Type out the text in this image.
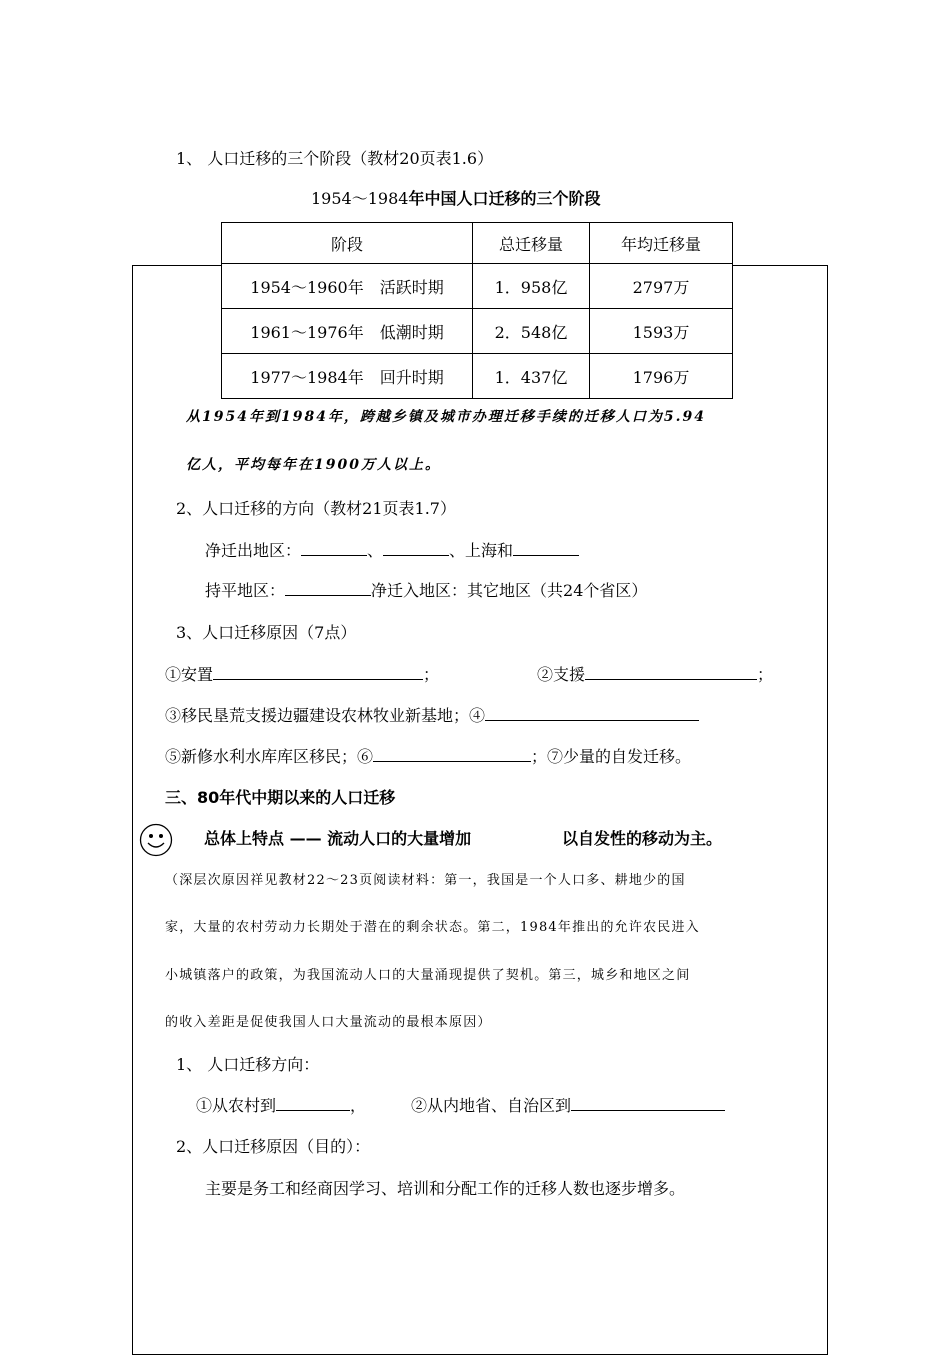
1、 人口迁移的三个阶段（教材20页表1.6）
1954～1984年中国人口迁移的三个阶段
阶段	总迁移量	年均迁移量
1954～1960年　活跃时期	1．958亿	2797万
1961～1976年　低潮时期	2．548亿	1593万
1977～1984年　回升时期	1．437亿	1796万
从1954年到1984年，跨越乡镇及城市办理迁移手续的迁移人口为5.94
亿人，平均每年在1900万人以上。
2、人口迁移的方向（教材21页表1.7）
净迁出地区：	、	、上海和
持平地区：	净迁入地区：其它地区（共24个省区）
3、人口迁移原因（7点）
①安置	；	②支援	；
③移民垦荒支援边疆建设农林牧业新基地；④
⑤新修水利水库库区移民；⑥	；⑦少量的自发迁移。
三、80年代中期以来的人口迁移
总体上特点 —— 流动人口的大量增加	以自发性的移动为主。
（深层次原因祥见教材22～23页阅读材料：第一，我国是一个人口多、耕地少的国
家，大量的农村劳动力长期处于潜在的剩余状态。第二，1984年推出的允许农民进入
小城镇落户的政策，为我国流动人口的大量涌现提供了契机。第三，城乡和地区之间
的收入差距是促使我国人口大量流动的最根本原因）
1、 人口迁移方向：
①从农村到	，	②从内地省、自治区到
2、人口迁移原因（目的）：
主要是务工和经商因学习、培训和分配工作的迁移人数也逐步增多。
